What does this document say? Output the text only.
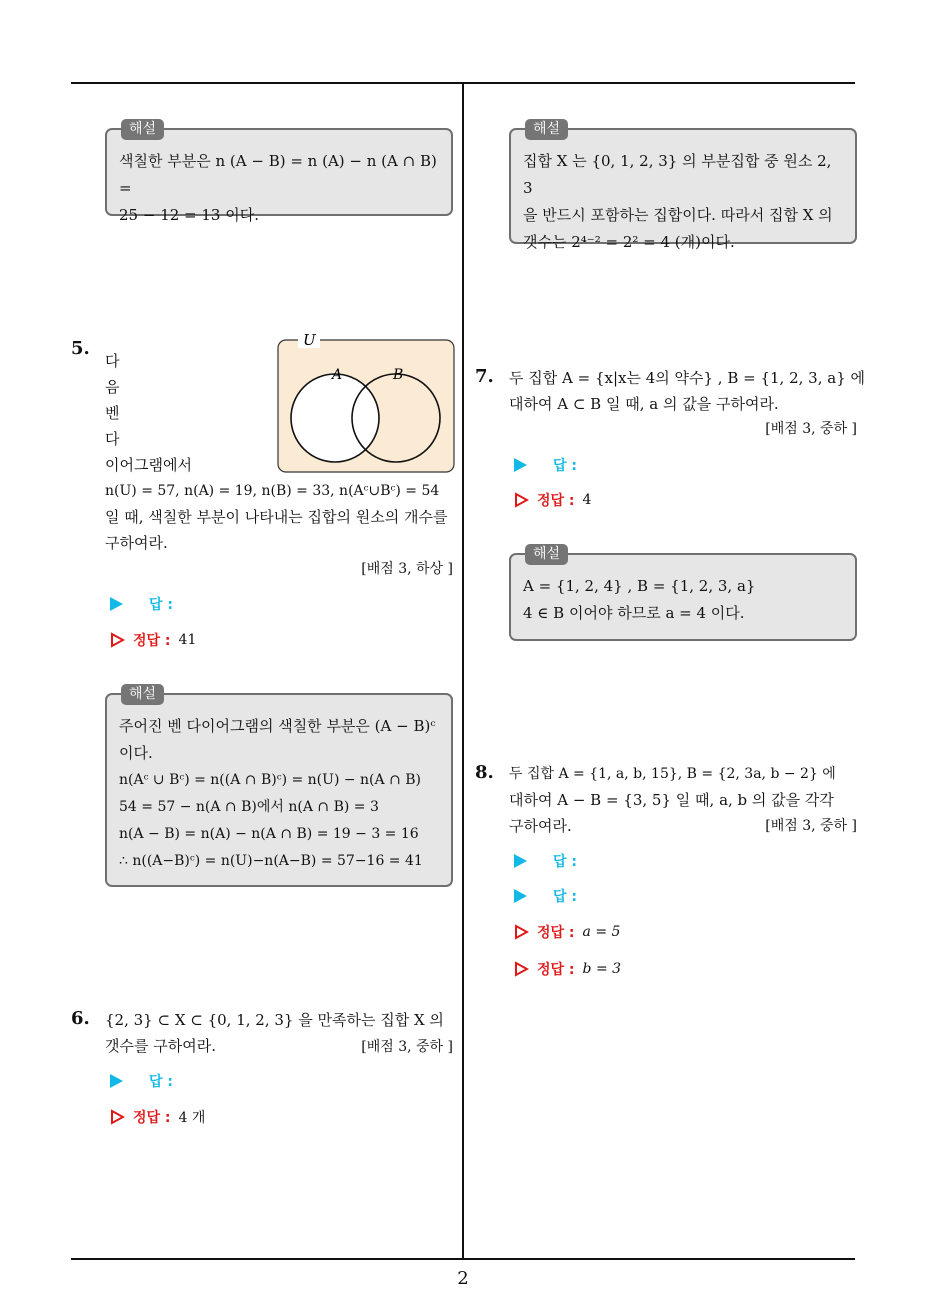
해설
색칠한 부분은 n (A − B) = n (A) − n (A ∩ B) =
25 − 12 = 13 이다.
5.
다
음
벤
다
이어그램에서
U
A	B
n(U) = 57, n(A) = 19, n(B) = 33, n(Aᶜ∪Bᶜ) = 54
일 때, 색칠한 부분이 나타내는 집합의 원소의 개수를
구하여라.
[배점 3, 하상 ]
답 :
정답 : 41
해설
주어진 벤 다이어그램의 색칠한 부분은 (A − B)ᶜ
이다.
n(Aᶜ ∪ Bᶜ) = n((A ∩ B)ᶜ) = n(U) − n(A ∩ B)
54 = 57 − n(A ∩ B)에서 n(A ∩ B) = 3
n(A − B) = n(A) − n(A ∩ B) = 19 − 3 = 16
∴ n((A−B)ᶜ) = n(U)−n(A−B) = 57−16 = 41
6. {2, 3} ⊂ X ⊂ {0, 1, 2, 3} 을 만족하는 집합 X 의
갯수를 구하여라.	[배점 3, 중하 ]
답 :
정답 : 4 개
해설
집합 X 는 {0, 1, 2, 3} 의 부분집합 중 원소 2, 3
을 반드시 포함하는 집합이다. 따라서 집합 X 의
갯수는 2⁴⁻² = 2² = 4 (개)이다.
7. 두 집합 A = {x|x는 4의 약수} , B = {1, 2, 3, a} 에
대하여 A ⊂ B 일 때, a 의 값을 구하여라.
[배점 3, 중하 ]
답 :
정답 : 4
해설
A = {1, 2, 4} , B = {1, 2, 3, a}
4 ∈ B 이어야 하므로 a = 4 이다.
8. 두 집합 A = {1, a, b, 15}, B = {2, 3a, b − 2} 에
대하여 A − B = {3, 5} 일 때, a, b 의 값을 각각
구하여라.	[배점 3, 중하 ]
답 :
답 :
정답 : a = 5
정답 : b = 3
2
